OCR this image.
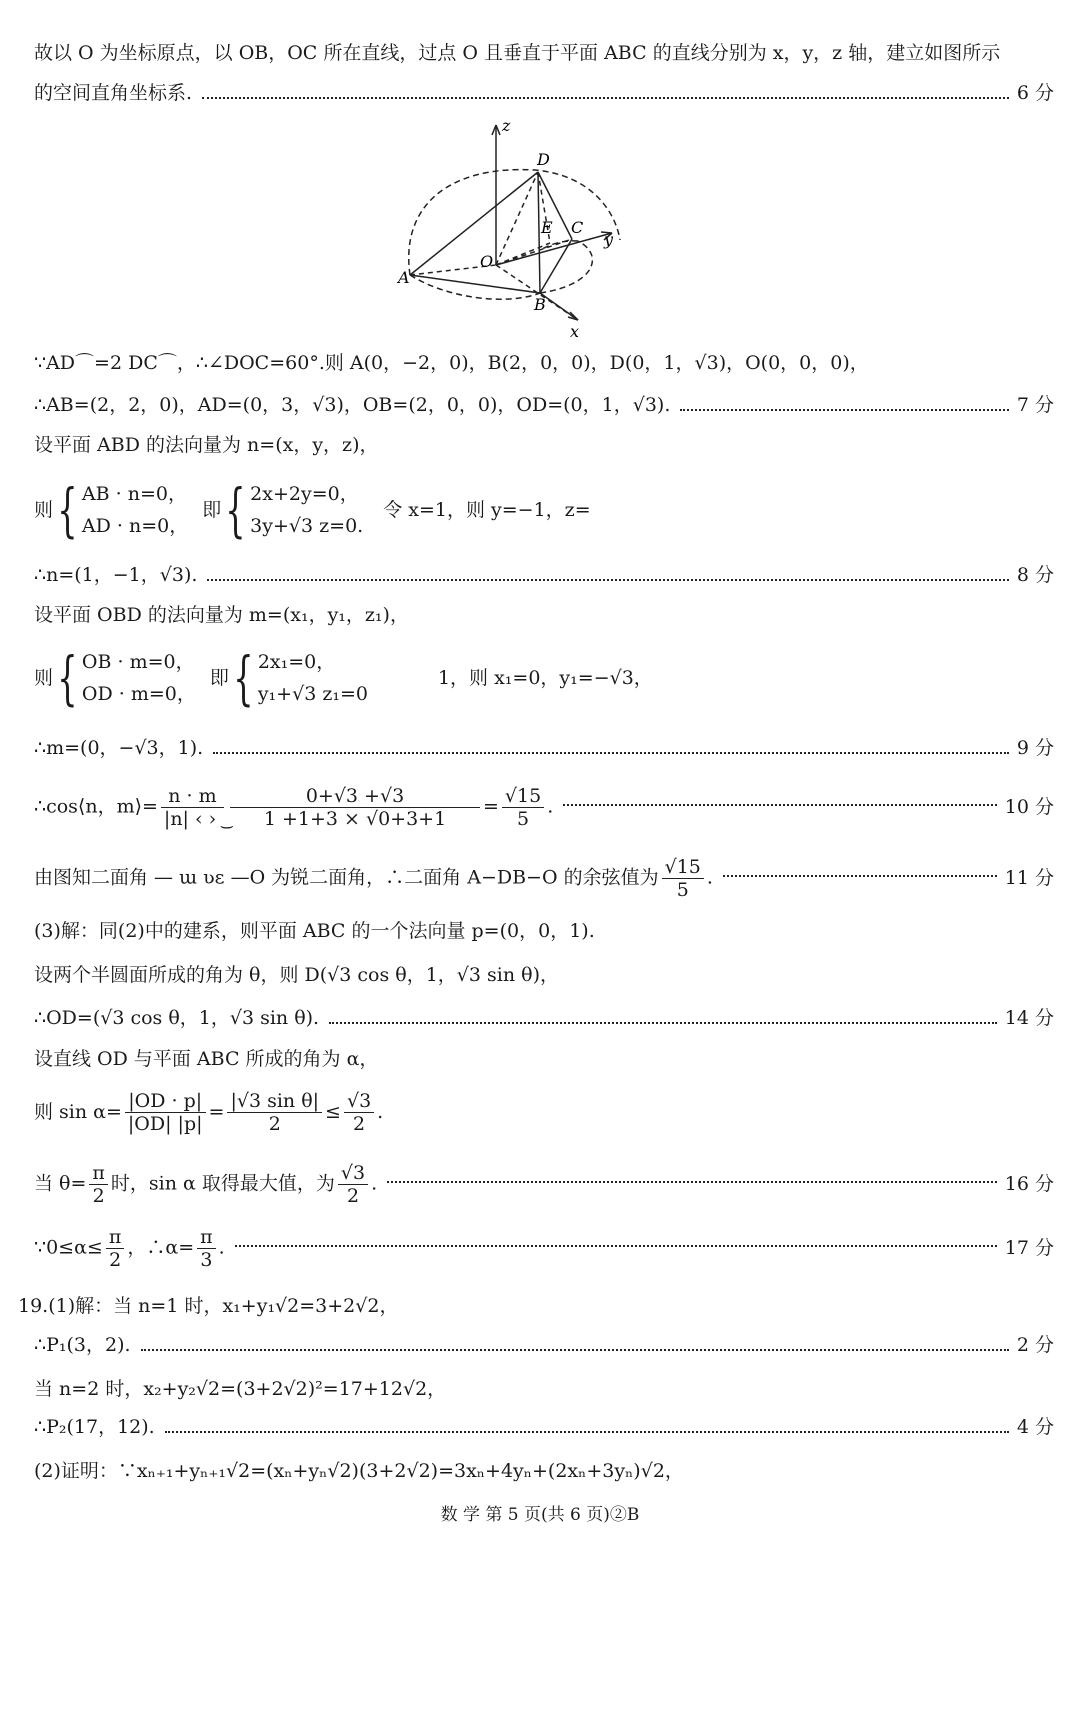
故以 O 为坐标原点，以 OB，OC 所在直线，过点 O 且垂直于平面 ABC 的直线分别为 x，y，z 轴，建立如图所示
的空间直角坐标系.	6 分
z
y
x
D
E C
O
A
B
∵AD⌒=2 DC⌒，∴∠DOC=60°.则 A(0，−2，0)，B(2，0，0)，D(0，1，√3)，O(0，0，0)，
∴AB=(2，2，0)，AD=(0，3，√3)，OB=(2，0，0)，OD=(0，1，√3).	7 分
设平面 ABD 的法向量为 n=(x，y，z)，
则 { AB · n=0，
AD · n=0，
即 { 2x+2y=0，
3y+√3 z=0.
令 x=1，则 y=−1，z=
∴n=(1，−1，√3).	8 分
设平面 OBD 的法向量为 m=(x₁，y₁，z₁)，
则 { OB · m=0，
OD · m=0，
即 { 2x₁=0，
y₁+√3 z₁=0
1，则 x₁=0，y₁=−√3，
∴m=(0，−√3，1).	9 分
∴cos⟨n，m⟩= $\frac{n \cdot m}{|n| ‹ › ͜} \frac{0+√3 +√3}{1 +1+3 \times √0+3+1} = \frac{√15}{5}$ .	10 分
由图知二面角 — ɯ ʋɛ —O 为锐二面角，∴二面角 A−DB−O 的余弦值为 $\frac{√15}{5}$ .	11 分
(3)解：同(2)中的建系，则平面 ABC 的一个法向量 p=(0，0，1).
设两个半圆面所成的角为 θ，则 D(√3 cos θ，1，√3 sin θ)，
∴OD=(√3 cos θ，1，√3 sin θ).	14 分
设直线 OD 与平面 ABC 所成的角为 α，
则 $\sin \alpha= \frac{|OD \cdot p|}{|OD| |p|} = \frac{\text{|√3 sin θ|}}{2} \le \frac{√3}{2}$ .
当 $\theta= \frac{\pi}{2}$ 时，sin α 取得最大值，为 $\frac{√3}{2}$ .	16 分
∵0≤α≤ $\frac{\pi}{2}$ ，∴α= $\frac{\pi}{3}$ .	17 分
19.(1)解：当 n=1 时，x₁+y₁√2=3+2√2，
∴P₁(3，2).	2 分
当 n=2 时，x₂+y₂√2=(3+2√2)²=17+12√2，
∴P₂(17，12).	4 分
(2)证明：∵xₙ₊₁+yₙ₊₁√2=(xₙ+yₙ√2)(3+2√2)=3xₙ+4yₙ+(2xₙ+3yₙ)√2，
数 学 第 5 页(共 6 页)②B
